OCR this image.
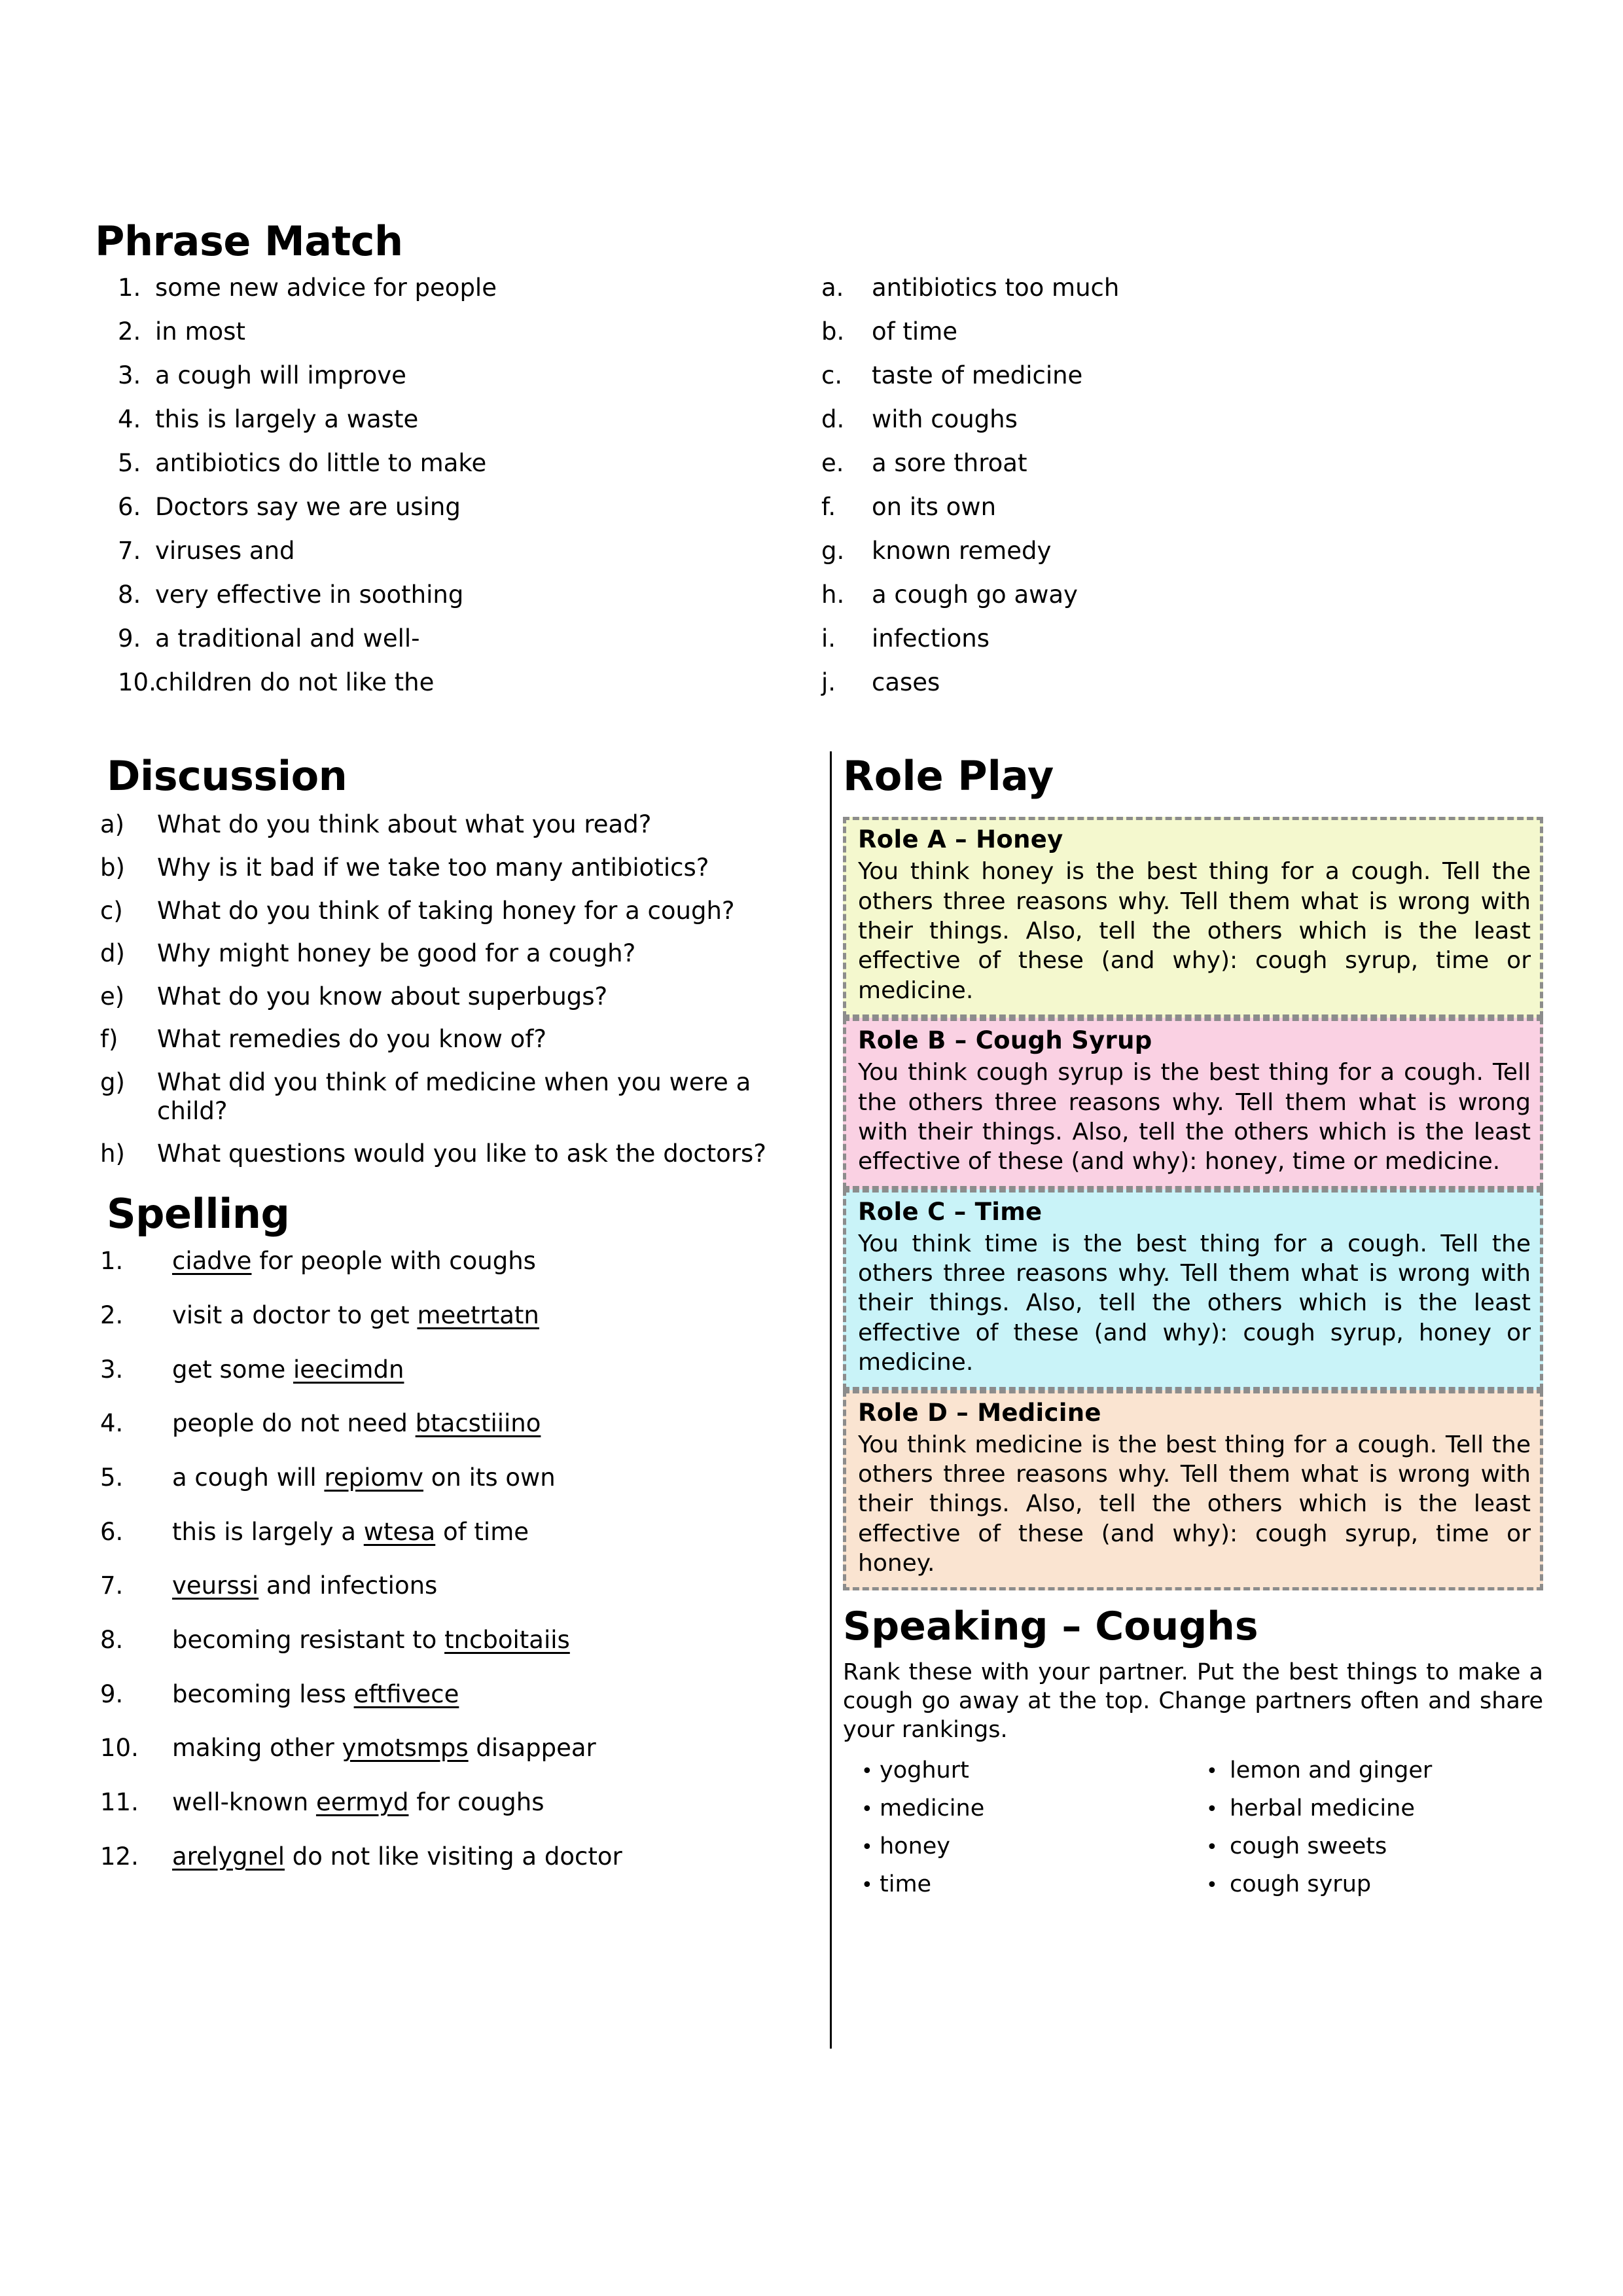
Phrase Match
1. some new advice for people
2. in most
3. a cough will improve
4. this is largely a waste
5. antibiotics do little to make
6. Doctors say we are using
7. viruses and
8. very effective in soothing
9. a traditional and well-
10.
children do not like the
a.	antibiotics too much
b.	of time
c.	taste of medicine
d.	with coughs
e.	a sore throat
f.	on its own
g.	known remedy
h.	a cough go away
i.	infections
j.	cases
Discussion
a)	What do you think about what you read?
b)	Why is it bad if we take too many antibiotics?
c)	What do you think of taking honey for a cough?
d)	Why might honey be good for a cough?
e)	What do you know about superbugs?
f)	What remedies do you know of?
g)	What did you think of medicine when you were a child?
h)	What questions would you like to ask the doctors?
Spelling
1.	ciadve for people with coughs
2.	visit a doctor to get meetrtatn
3.	get some ieecimdn
4.	people do not need btacstiiino
5.	a cough will repiomv on its own
6.	this is largely a wtesa of time
7.	veurssi and infections
8.	becoming resistant to tncboitaiis
9.	becoming less eftfivece
10.	making other ymotsmps disappear
11.	well-known eermyd for coughs
12.	arelygnel do not like visiting a doctor
Role Play
Role A – Honey
You think honey is the best thing for a cough. Tell the others three reasons why. Tell them what is wrong with their things. Also, tell the others which is the least effective of these (and why): cough syrup, time or medicine.
Role B – Cough Syrup
You think cough syrup is the best thing for a cough. Tell the others three reasons why. Tell them what is wrong with their things. Also, tell the others which is the least effective of these (and why): honey, time or medicine.
Role C – Time
You think time is the best thing for a cough. Tell the others three reasons why. Tell them what is wrong with their things. Also, tell the others which is the least effective of these (and why): cough syrup, honey or medicine.
Role D – Medicine
You think medicine is the best thing for a cough. Tell the others three reasons why. Tell them what is wrong with their things. Also, tell the others which is the least effective of these (and why): cough syrup, time or honey.
Speaking – Coughs
Rank these with your partner. Put the best things to make a cough go away at the top. Change partners often and share your rankings.
• yoghurt
• medicine
• honey
• time
• lemon and ginger
• herbal medicine
• cough sweets
• cough syrup
